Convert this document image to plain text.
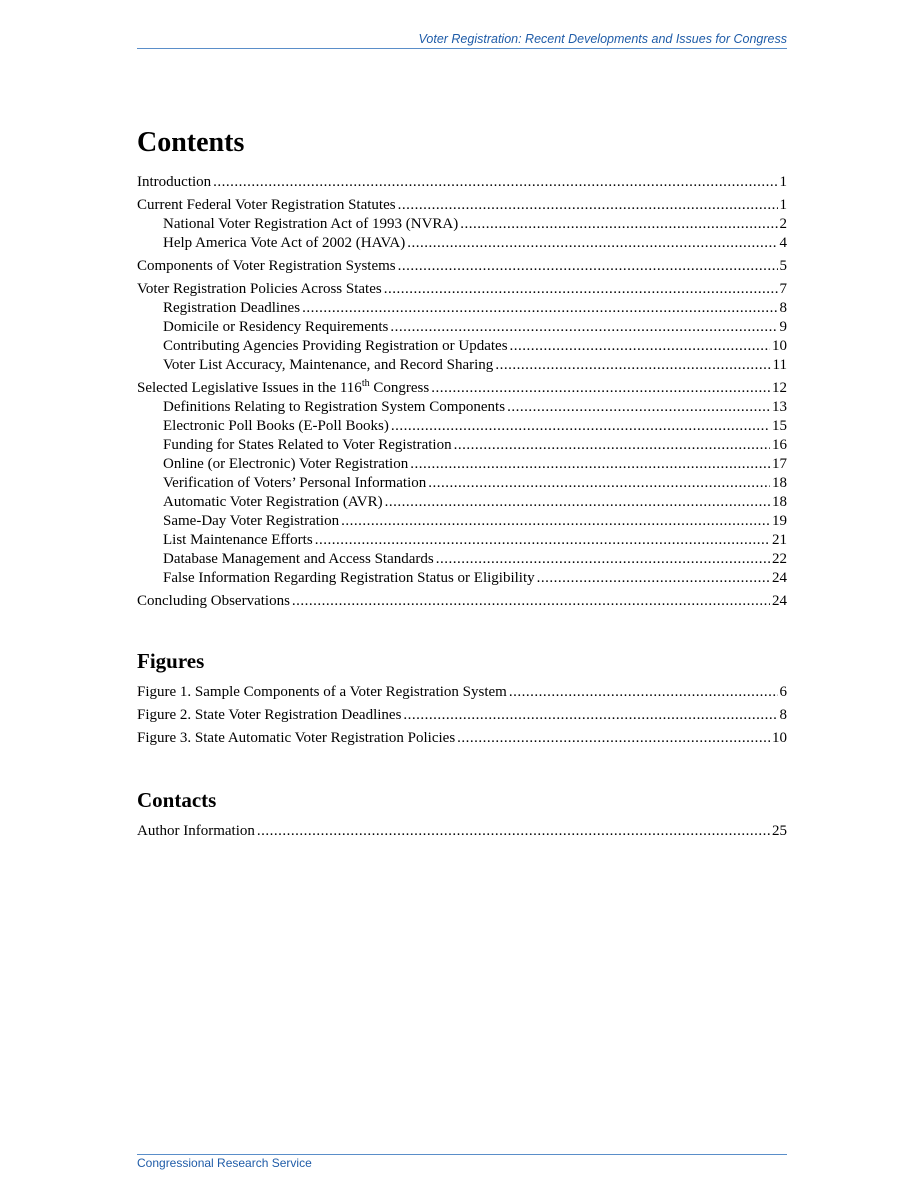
Voter Registration: Recent Developments and Issues for Congress
Contents
Introduction .....	1
Current Federal Voter Registration Statutes .....	1
National Voter Registration Act of 1993 (NVRA) .....	2
Help America Vote Act of 2002 (HAVA) .....	4
Components of Voter Registration Systems .....	5
Voter Registration Policies Across States .....	7
Registration Deadlines .....	8
Domicile or Residency Requirements .....	9
Contributing Agencies Providing Registration or Updates .....	10
Voter List Accuracy, Maintenance, and Record Sharing .....	11
Selected Legislative Issues in the 116th Congress .....	12
Definitions Relating to Registration System Components .....	13
Electronic Poll Books (E-Poll Books) .....	15
Funding for States Related to Voter Registration .....	16
Online (or Electronic) Voter Registration .....	17
Verification of Voters’ Personal Information .....	18
Automatic Voter Registration (AVR) .....	18
Same-Day Voter Registration .....	19
List Maintenance Efforts .....	21
Database Management and Access Standards .....	22
False Information Regarding Registration Status or Eligibility .....	24
Concluding Observations .....	24
Figures
Figure 1. Sample Components of a Voter Registration System .....	6
Figure 2. State Voter Registration Deadlines .....	8
Figure 3. State Automatic Voter Registration Policies .....	10
Contacts
Author Information .....	25
Congressional Research Service
